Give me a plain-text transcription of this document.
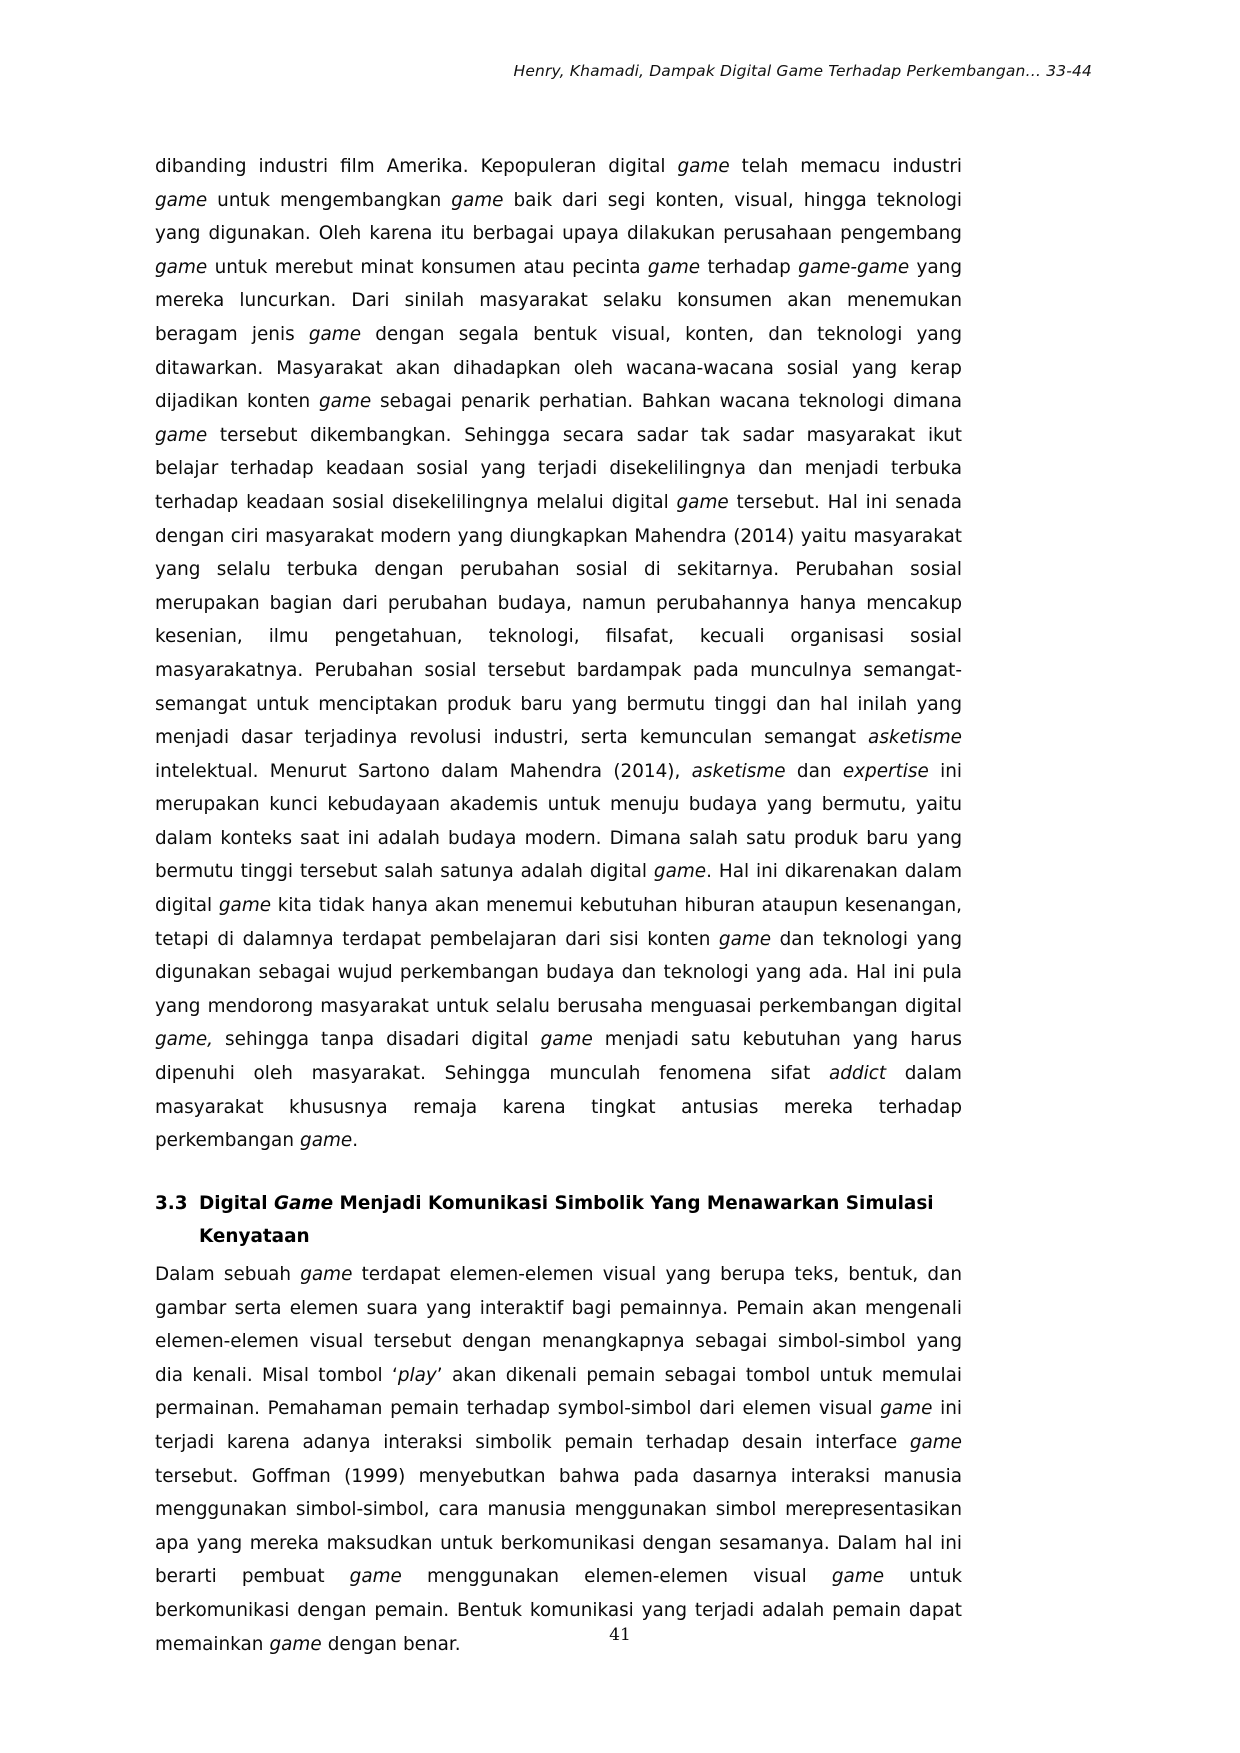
Henry, Khamadi, Dampak Digital Game Terhadap Perkembangan… 33-44

dibanding industri film Amerika. Kepopuleran digital game telah memacu industri game untuk mengembangkan game baik dari segi konten, visual, hingga teknologi yang digunakan. Oleh karena itu berbagai upaya dilakukan perusahaan pengembang game untuk merebut minat konsumen atau pecinta game terhadap game-game yang mereka luncurkan. Dari sinilah masyarakat selaku konsumen akan menemukan beragam jenis game dengan segala bentuk visual, konten, dan teknologi yang ditawarkan. Masyarakat akan dihadapkan oleh wacana-wacana sosial yang kerap dijadikan konten game sebagai penarik perhatian. Bahkan wacana teknologi dimana game tersebut dikembangkan. Sehingga secara sadar tak sadar masyarakat ikut belajar terhadap keadaan sosial yang terjadi disekelilingnya dan menjadi terbuka terhadap keadaan sosial disekelilingnya melalui digital game tersebut. Hal ini senada dengan ciri masyarakat modern yang diungkapkan Mahendra (2014) yaitu masyarakat yang selalu terbuka dengan perubahan sosial di sekitarnya. Perubahan sosial merupakan bagian dari perubahan budaya, namun perubahannya hanya mencakup kesenian, ilmu pengetahuan, teknologi, filsafat, kecuali organisasi sosial masyarakatnya. Perubahan sosial tersebut bardampak pada munculnya semangat-semangat untuk menciptakan produk baru yang bermutu tinggi dan hal inilah yang menjadi dasar terjadinya revolusi industri, serta kemunculan semangat asketisme intelektual. Menurut Sartono dalam Mahendra (2014), asketisme dan expertise ini merupakan kunci kebudayaan akademis untuk menuju budaya yang bermutu, yaitu dalam konteks saat ini adalah budaya modern. Dimana salah satu produk baru yang bermutu tinggi tersebut salah satunya adalah digital game. Hal ini dikarenakan dalam digital game kita tidak hanya akan menemui kebutuhan hiburan ataupun kesenangan, tetapi di dalamnya terdapat pembelajaran dari sisi konten game dan teknologi yang digunakan sebagai wujud perkembangan budaya dan teknologi yang ada. Hal ini pula yang mendorong masyarakat untuk selalu berusaha menguasai perkembangan digital game, sehingga tanpa disadari digital game menjadi satu kebutuhan yang harus dipenuhi oleh masyarakat. Sehingga munculah fenomena sifat addict dalam masyarakat khususnya remaja karena tingkat antusias mereka terhadap perkembangan game.

3.3 Digital Game Menjadi Komunikasi Simbolik Yang Menawarkan Simulasi
Kenyataan

Dalam sebuah game terdapat elemen-elemen visual yang berupa teks, bentuk, dan gambar serta elemen suara yang interaktif bagi pemainnya. Pemain akan mengenali elemen-elemen visual tersebut dengan menangkapnya sebagai simbol-simbol yang dia kenali. Misal tombol ‘play’ akan dikenali pemain sebagai tombol untuk memulai permainan. Pemahaman pemain terhadap symbol-simbol dari elemen visual game ini terjadi karena adanya interaksi simbolik pemain terhadap desain interface game tersebut. Goffman (1999) menyebutkan bahwa pada dasarnya interaksi manusia menggunakan simbol-simbol, cara manusia menggunakan simbol merepresentasikan apa yang mereka maksudkan untuk berkomunikasi dengan sesamanya. Dalam hal ini berarti pembuat game menggunakan elemen-elemen visual game untuk berkomunikasi dengan pemain. Bentuk komunikasi yang terjadi adalah pemain dapat memainkan game dengan benar.	41
